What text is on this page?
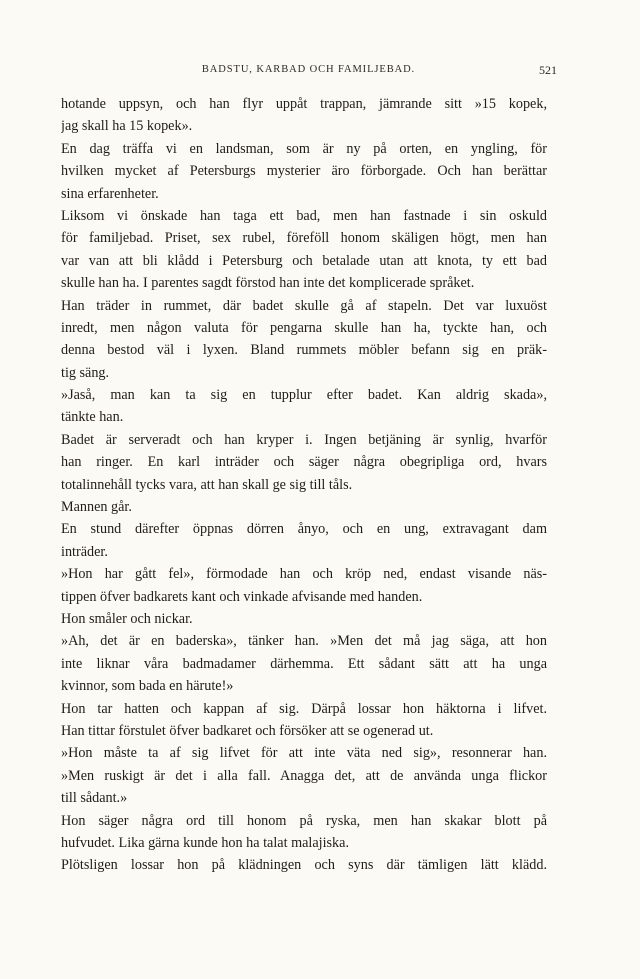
BADSTU, KARBAD OCH FAMILJEBAD.	521
hotande uppsyn, och han flyr uppåt trappan, jämrande sitt »15 kopek,
jag skall ha 15 kopek».
En dag träffa vi en landsman, som är ny på orten, en yngling, för
hvilken mycket af Petersburgs mysterier äro förborgade. Och han berättar
sina erfarenheter.
Liksom vi önskade han taga ett bad, men han fastnade i sin oskuld
för familjebad. Priset, sex rubel, föreföll honom skäligen högt, men han
var van att bli klådd i Petersburg och betalade utan att knota, ty ett bad
skulle han ha. I parentes sagdt förstod han inte det komplicerade språket.
Han träder in rummet, där badet skulle gå af stapeln. Det var luxuöst
inredt, men någon valuta för pengarna skulle han ha, tyckte han, och
denna bestod väl i lyxen. Bland rummets möbler befann sig en präk-
tig säng.
»Jaså, man kan ta sig en tupplur efter badet. Kan aldrig skada»,
tänkte han.
Badet är serveradt och han kryper i. Ingen betjäning är synlig, hvarför
han ringer. En karl inträder och säger några obegripliga ord, hvars
totalinnehåll tycks vara, att han skall ge sig till tåls.
Mannen går.
En stund därefter öppnas dörren ånyo, och en ung, extravagant dam
inträder.
»Hon har gått fel», förmodade han och kröp ned, endast visande näs-
tippen öfver badkarets kant och vinkade afvisande med handen.
Hon småler och nickar.
»Ah, det är en baderska», tänker han. »Men det må jag säga, att hon
inte liknar våra badmadamer därhemma. Ett sådant sätt att ha unga
kvinnor, som bada en härute!»
Hon tar hatten och kappan af sig. Därpå lossar hon häktorna i lifvet.
Han tittar förstulet öfver badkaret och försöker att se ogenerad ut.
»Hon måste ta af sig lifvet för att inte väta ned sig», resonnerar han.
»Men ruskigt är det i alla fall. Anagga det, att de använda unga flickor
till sådant.»
Hon säger några ord till honom på ryska, men han skakar blott på
hufvudet. Lika gärna kunde hon ha talat malajiska.
Plötsligen lossar hon på klädningen och syns där tämligen lätt klädd.
